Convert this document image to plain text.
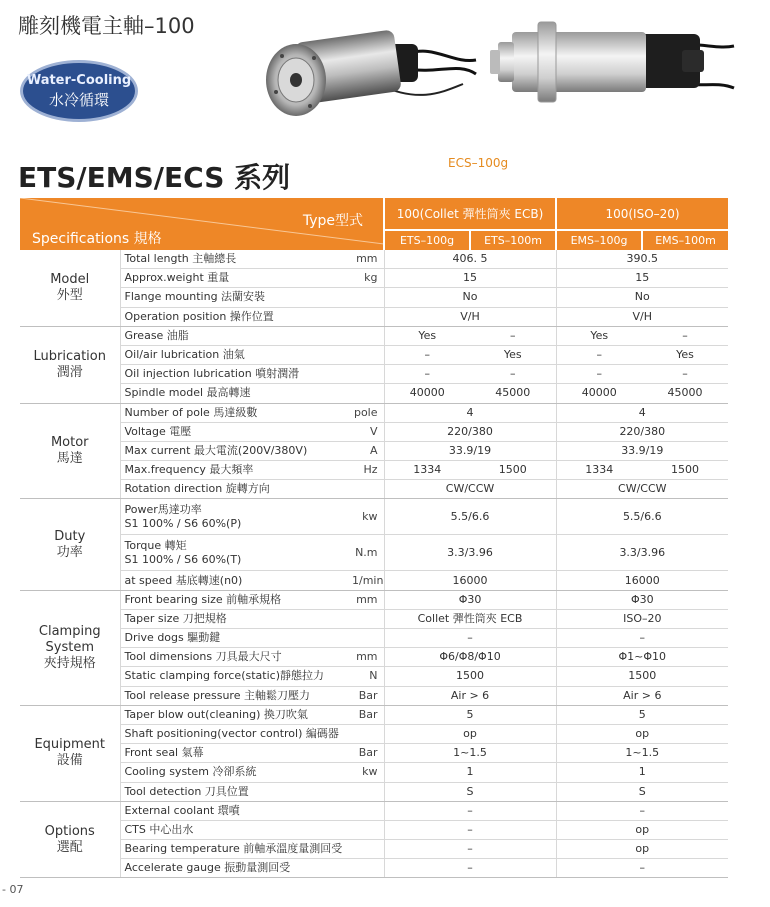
雕刻機電主軸–100
Water-Cooling
水冷循環
ETS/EMS/ECS 系列	ECS–100g
Type型式
Specifications 規格			100(Collet 彈性筒夾 ECB)		100(ISO–20)	
			ETS–100g	ETS–100m	EMS–100g	EMS–100m
Model
外型	Total length 主軸總長	mm	406. 5		390.5	
	Approx.weight 重量	kg	15		15	
	Flange mounting 法蘭安裝		No		No	
	Operation position 操作位置		V/H		V/H	
Lubrication
潤滑	Grease 油脂		Yes	–	Yes	–
	Oil/air lubrication 油氣		–	Yes	–	Yes
	Oil injection lubrication 噴射潤滑		–	–	–	–
	Spindle model 最高轉速		40000	45000	40000	45000
Motor
馬達	Number of pole 馬達級數	pole	4		4	
	Voltage 電壓	V	220/380		220/380	
	Max current 最大電流(200V/380V)	A	33.9/19		33.9/19	
	Max.frequency 最大頻率	Hz	1334	1500	1334	1500
	Rotation direction 旋轉方向		CW/CCW		CW/CCW	
Duty
功率	Power馬達功率
S1 100% / S6 60%(P)	kw	5.5/6.6		5.5/6.6	

	Torque 轉矩
S1 100% / S6 60%(T)	N.m	3.3/3.96		3.3/3.96	
	at speed 基底轉速(n0)	1/min	16000		16000	
Clamping
System
夾持規格	Front bearing size 前軸承規格	mm	Φ30		Φ30	
	Taper size 刀把規格		Collet 彈性筒夾 ECB		ISO–20	
	Drive dogs 驅動鍵		–		–	
	Tool dimensions 刀具最大尺寸	mm	Φ6/Φ8/Φ10		Φ1~Φ10	
	Static clamping force(static)靜態拉力	N	1500		1500	
	Tool release pressure 主軸鬆刀壓力	Bar	Air > 6		Air > 6	
Equipment
設備	Taper blow out(cleaning) 換刀吹氣	Bar	5		5	
	Shaft positioning(vector control) 編碼器		op		op	
	Front seal 氣幕	Bar	1~1.5		1~1.5	
	Cooling system 冷卻系統	kw	1		1	
	Tool detection 刀具位置		S		S	
Options
選配	External coolant 環噴		–		–	
	CTS 中心出水		–		op	
	Bearing temperature 前軸承溫度量測回受		–		op	
	Accelerate gauge 振動量測回受		–		–	
- 07
